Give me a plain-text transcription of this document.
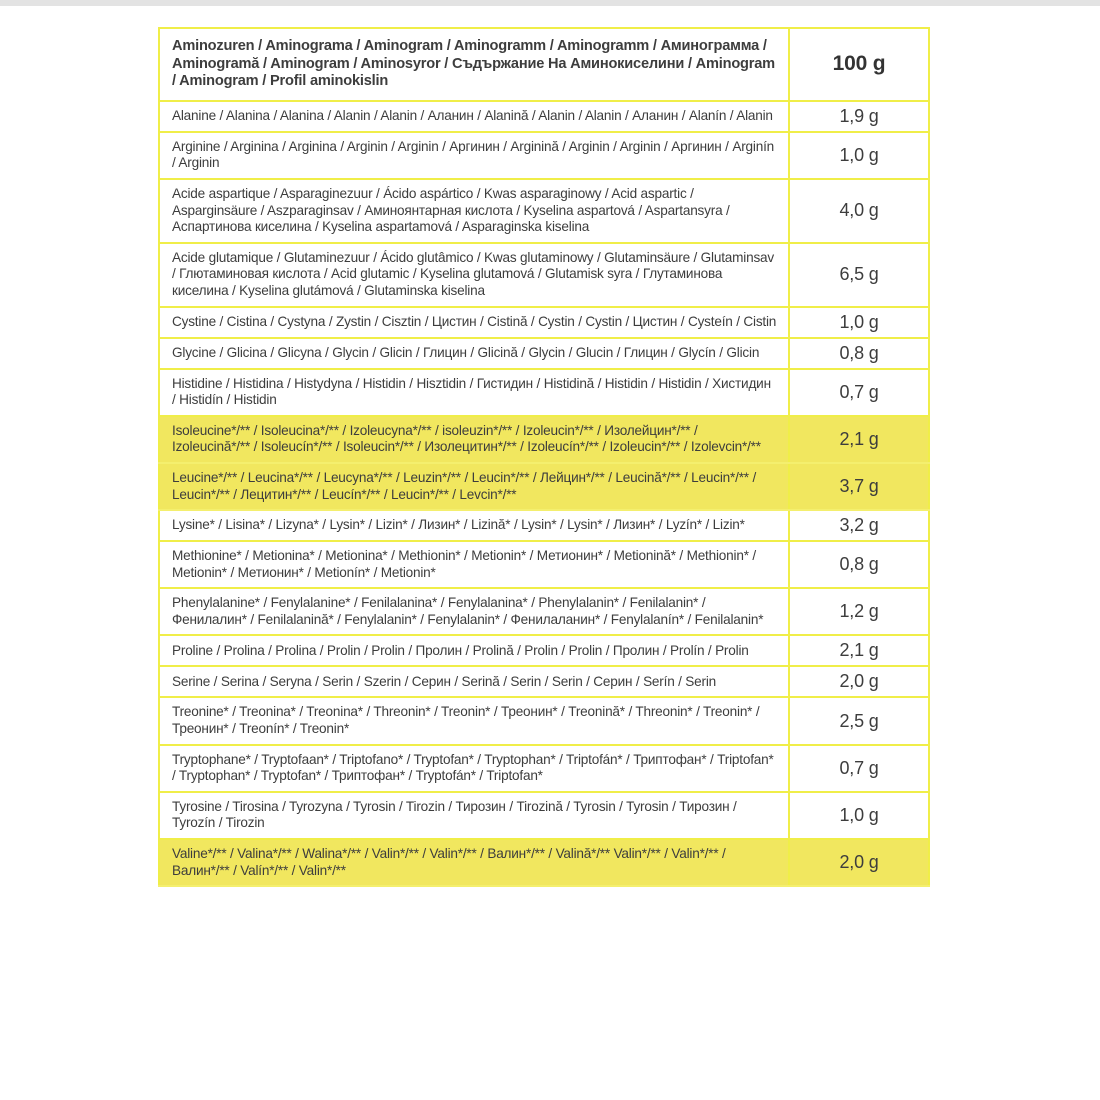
Aminozuren / Aminograma / Aminogram / Aminogramm / Aminogramm / Аминограмма / Aminogramă / Aminogram / Aminosyror / Съдържание На Аминокиселини / Aminogram / Aminogram / Profil aminokislin	100 g
Alanine / Alanina / Alanina / Alanin / Alanin / Аланин / Alanină / Alanin / Alanin / Аланин / Alanín / Alanin	1,9 g
Arginine / Arginina / Arginina / Arginin / Arginin / Аргинин / Arginină / Arginin / Arginin / Аргинин / Arginín / Arginin	1,0 g
Acide aspartique / Asparaginezuur / Ácido aspártico / Kwas asparaginowy / Acid aspartic / Asparginsäure / Aszparaginsav / Аминоянтарная кислота / Kyselina aspartová / Aspartansyra / Аспартинова киселина / Kyselina aspartamová / Asparaginska kiselina	4,0 g
Acide glutamique / Glutaminezuur / Ácido glutâmico / Kwas glutaminowy / Glutaminsäure / Glutaminsav / Глютаминовая кислота / Acid glutamic / Kyselina glutamová / Glutamisk syra / Глутаминова киселина / Kyselina glutámová / Glutaminska kiselina	6,5 g
Cystine / Cistina / Cystyna / Zystin / Cisztin / Цистин / Cistină / Cystin / Cystin / Цистин / Cysteín / Cistin	1,0 g
Glycine / Glicina / Glicyna / Glycin / Glicin / Глицин / Glicină / Glycin / Glucin / Глицин / Glycín / Glicin	0,8 g
Histidine / Histidina / Histydyna / Histidin / Hisztidin / Гистидин / Histidină / Histidin / Histidin / Хистидин / Histidín / Histidin	0,7 g
Isoleucine*/** / Isoleucina*/** / Izoleucyna*/** / isoleuzin*/** / Izoleucin*/** / Изолейцин*/** / Izoleucină*/** / Isoleucín*/** / Isoleucin*/** / Изолецитин*/** / Izoleucín*/** / Izoleucin*/** / Izolevcin*/**	2,1 g
Leucine*/** / Leucina*/** / Leucyna*/** / Leuzin*/** / Leucin*/** / Лейцин*/** / Leucină*/** / Leucin*/** / Leucin*/** / Лецитин*/** / Leucín*/** / Leucin*/** / Levcin*/**	3,7 g
Lysine* / Lisina* / Lizyna* / Lysin* / Lizin* / Лизин* / Lizină* / Lysin* / Lysin* / Лизин* / Lyzín* / Lizin*	3,2 g
Methionine* / Metionina* / Metionina* / Methionin* / Metionin* / Метионин* / Metionină* / Methionin* / Metionin* / Метионин* / Metionín* / Metionin*	0,8 g
Phenylalanine* / Fenylalanine* / Fenilalanina* / Fenylalanina* / Phenylalanin* / Fenilalanin* / Фенилалин* / Fenilalanină* / Fenylalanin* / Fenylalanin* / Фенилаланин* / Fenylalanín* / Fenilalanin*	1,2 g
Proline / Prolina / Prolina / Prolin / Prolin / Пролин / Prolină / Prolin / Prolin / Пролин / Prolín / Prolin	2,1 g
Serine / Serina / Seryna / Serin / Szerin / Серин / Serină / Serin / Serin / Серин / Serín / Serin	2,0 g
Treonine* / Treonina* / Treonina* / Threonin* / Treonin* / Треонин* / Treonină* / Threonin* / Treonin* / Треонин* / Treonín* / Treonin*	2,5 g
Tryptophane* / Tryptofaan* / Triptofano* / Tryptofan* / Tryptophan* / Triptofán* / Триптофан* / Triptofan* / Tryptophan* / Tryptofan* / Триптофан* / Tryptofán* / Triptofan*	0,7 g
Tyrosine / Tirosina / Tyrozyna / Tyrosin / Tirozin / Тирозин / Tirozină / Tyrosin / Tyrosin / Тирозин / Tyrozín / Tirozin	1,0 g
Valine*/** / Valina*/** / Walina*/** / Valin*/** / Valin*/** / Валин*/** / Valină*/** Valin*/** / Valin*/** / Валин*/** / Valín*/** / Valin*/**	2,0 g
